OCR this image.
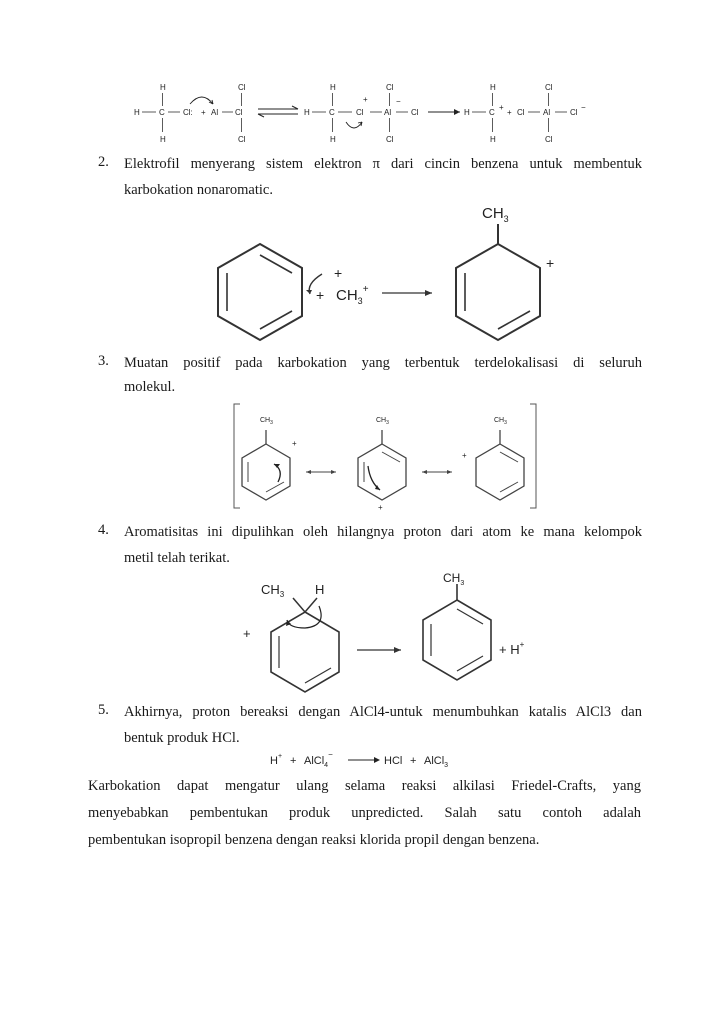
H
H C Cl: + Al Cl
Cl
H	Cl
H
H C
+
Cl	Al
−
Cl
Cl
H	Cl
H
H C
+
+ Cl Al Cl
−
Cl
H	Cl
2. Elektrofil menyerang sistem elektron π dari cincin benzena untuk membentuk
karbokation nonaromatic.
+
+ $CH_3^+$
$CH_3$
+
3. Muatan positif pada karbokation yang terbentuk terdelokalisasi di seluruh
molekul.
$CH_3$
+
$CH_3$
+
$CH_3$
+
4. Aromatisitas ini dipulihkan oleh hilangnya proton dari atom ke mana kelompok
metil telah terikat.
$CH_3$ H
+
$CH_3$
+ H+
5. Akhirnya, proton bereaksi dengan AlCl4-untuk menumbuhkan katalis AlCl3 dan
bentuk produk HCl.
H+ + AlCl$_4$−
HCl + AlCl$_3$
Karbokation dapat mengatur ulang selama reaksi alkilasi Friedel-Crafts, yang
menyebabkan pembentukan produk unpredicted. Salah satu contoh adalah
pembentukan isopropil benzena dengan reaksi klorida propil dengan benzena.
